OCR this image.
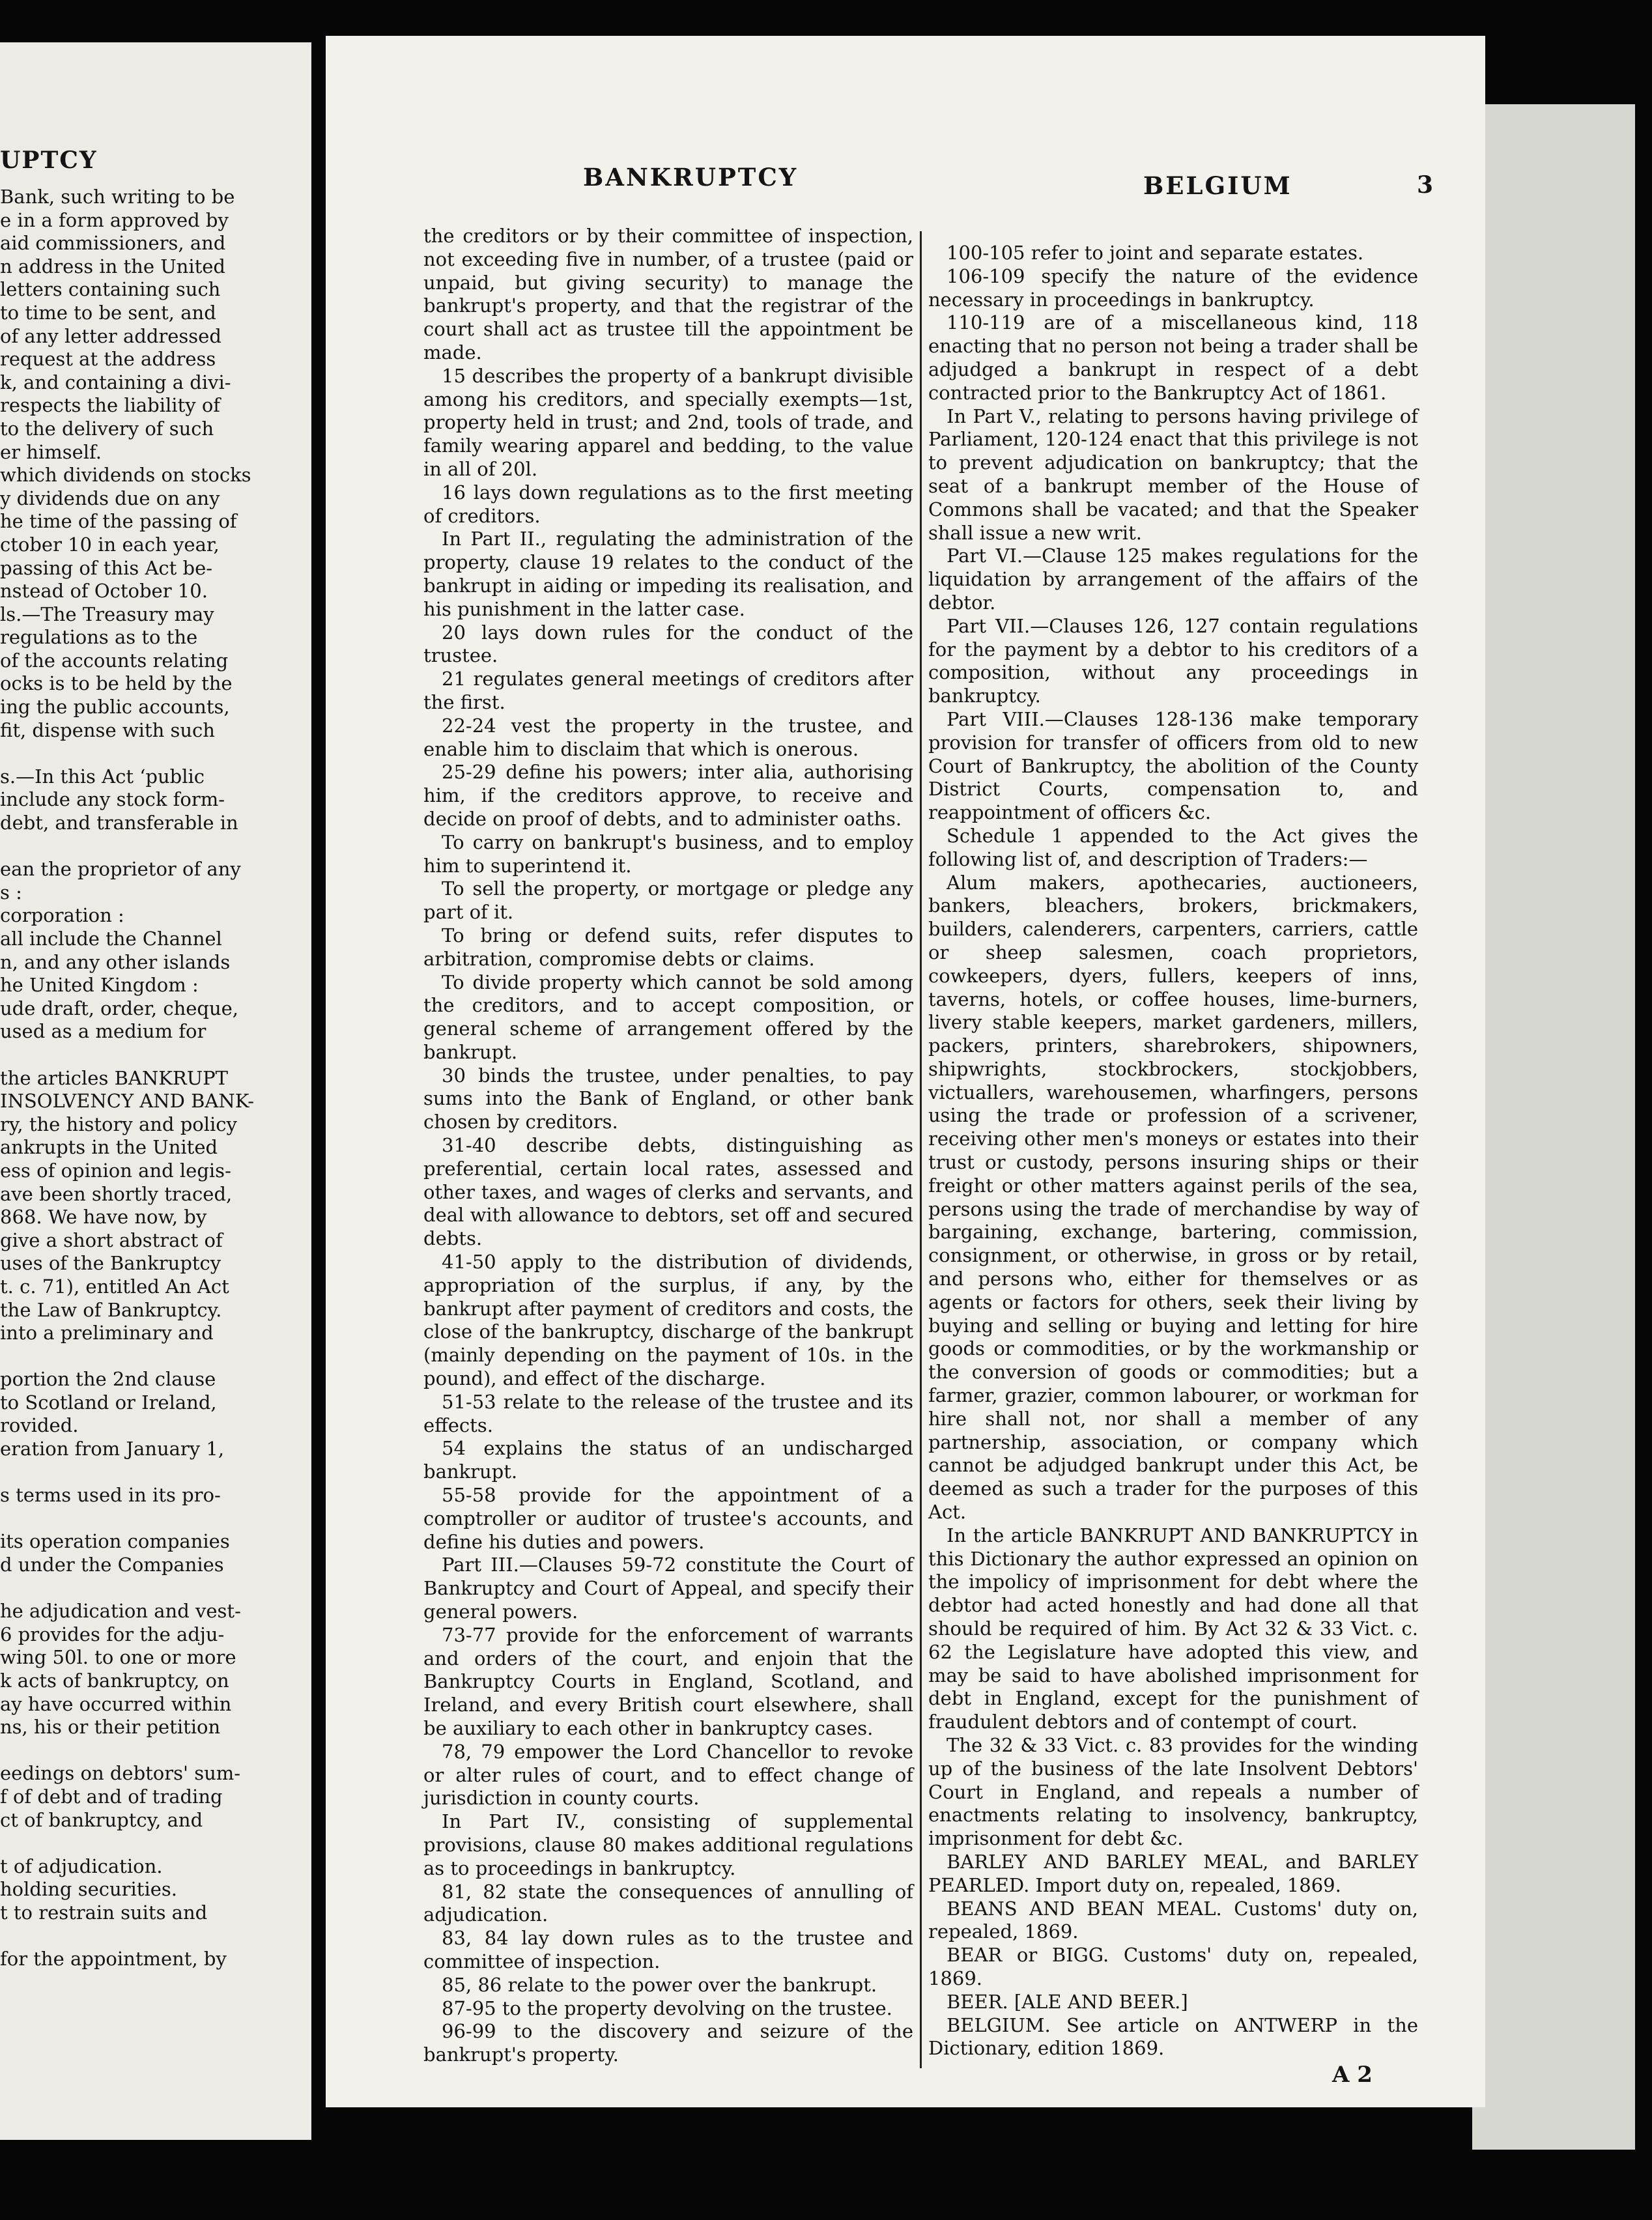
UPTCY
Bank, such writing to be
e in a form approved by
aid commissioners, and
n address in the United
letters containing such
to time to be sent, and
of any letter addressed
request at the address
k, and containing a divi-
respects the liability of
to the delivery of such
er himself.
which dividends on stocks
y dividends due on any
he time of the passing of
ctober 10 in each year,
passing of this Act be-
nstead of October 10.
ls.—The Treasury may
regulations as to the
of the accounts relating
ocks is to be held by the
ing the public accounts,
fit, dispense with such

s.—In this Act ‘public
include any stock form-
debt, and transferable in

ean the proprietor of any
s :
corporation :
all include the Channel
n, and any other islands
he United Kingdom :
ude draft, order, cheque,
used as a medium for

the articles BANKRUPT
INSOLVENCY AND BANK-
ry, the history and policy
ankrupts in the United
ess of opinion and legis-
ave been shortly traced,
868. We have now, by
give a short abstract of
uses of the Bankruptcy
t. c. 71), entitled An Act
the Law of Bankruptcy.
into a preliminary and

portion the 2nd clause
to Scotland or Ireland,
rovided.
eration from January 1,

s terms used in its pro-

its operation companies
d under the Companies

he adjudication and vest-
6 provides for the adju-
wing 50l. to one or more
k acts of bankruptcy, on
ay have occurred within
ns, his or their petition

eedings on debtors' sum-
f of debt and of trading
ct of bankruptcy, and

t of adjudication.
holding securities.
t to restrain suits and

for the appointment, by
BANKRUPTCY	BELGIUM	3

the creditors or by their committee of inspection, not exceeding five in number, of a trustee (paid or unpaid, but giving security) to manage the bankrupt's property, and that the registrar of the court shall act as trustee till the appointment be made.

15 describes the property of a bankrupt divisible among his creditors, and specially exempts—1st, property held in trust; and 2nd, tools of trade, and family wearing apparel and bedding, to the value in all of 20l.

16 lays down regulations as to the first meeting of creditors.

In Part II., regulating the administration of the property, clause 19 relates to the conduct of the bankrupt in aiding or impeding its realisation, and his punishment in the latter case.

20 lays down rules for the conduct of the trustee.

21 regulates general meetings of creditors after the first.

22-24 vest the property in the trustee, and enable him to disclaim that which is onerous.

25-29 define his powers; inter alia, authorising him, if the creditors approve, to receive and decide on proof of debts, and to administer oaths.

To carry on bankrupt's business, and to employ him to superintend it.

To sell the property, or mortgage or pledge any part of it.

To bring or defend suits, refer disputes to arbitration, compromise debts or claims.

To divide property which cannot be sold among the creditors, and to accept composition, or general scheme of arrangement offered by the bankrupt.

30 binds the trustee, under penalties, to pay sums into the Bank of England, or other bank chosen by creditors.

31-40 describe debts, distinguishing as preferential, certain local rates, assessed and other taxes, and wages of clerks and servants, and deal with allowance to debtors, set off and secured debts.

41-50 apply to the distribution of dividends, appropriation of the surplus, if any, by the bankrupt after payment of creditors and costs, the close of the bankruptcy, discharge of the bankrupt (mainly depending on the payment of 10s. in the pound), and effect of the discharge.

51-53 relate to the release of the trustee and its effects.

54 explains the status of an undischarged bankrupt.

55-58 provide for the appointment of a comptroller or auditor of trustee's accounts, and define his duties and powers.

Part III.—Clauses 59-72 constitute the Court of Bankruptcy and Court of Appeal, and specify their general powers.

73-77 provide for the enforcement of warrants and orders of the court, and enjoin that the Bankruptcy Courts in England, Scotland, and Ireland, and every British court elsewhere, shall be auxiliary to each other in bankruptcy cases.

78, 79 empower the Lord Chancellor to revoke or alter rules of court, and to effect change of jurisdiction in county courts.

In Part IV., consisting of supplemental provisions, clause 80 makes additional regulations as to proceedings in bankruptcy.

81, 82 state the consequences of annulling of adjudication.

83, 84 lay down rules as to the trustee and committee of inspection.

85, 86 relate to the power over the bankrupt.

87-95 to the property devolving on the trustee.

96-99 to the discovery and seizure of the bankrupt's property.

100-105 refer to joint and separate estates.

106-109 specify the nature of the evidence necessary in proceedings in bankruptcy.

110-119 are of a miscellaneous kind, 118 enacting that no person not being a trader shall be adjudged a bankrupt in respect of a debt contracted prior to the Bankruptcy Act of 1861.

In Part V., relating to persons having privilege of Parliament, 120-124 enact that this privilege is not to prevent adjudication on bankruptcy; that the seat of a bankrupt member of the House of Commons shall be vacated; and that the Speaker shall issue a new writ.

Part VI.—Clause 125 makes regulations for the liquidation by arrangement of the affairs of the debtor.

Part VII.—Clauses 126, 127 contain regulations for the payment by a debtor to his creditors of a composition, without any proceedings in bankruptcy.

Part VIII.—Clauses 128-136 make temporary provision for transfer of officers from old to new Court of Bankruptcy, the abolition of the County District Courts, compensation to, and reappointment of officers &c.

Schedule 1 appended to the Act gives the following list of, and description of Traders:—

Alum makers, apothecaries, auctioneers, bankers, bleachers, brokers, brickmakers, builders, calenderers, carpenters, carriers, cattle or sheep salesmen, coach proprietors, cowkeepers, dyers, fullers, keepers of inns, taverns, hotels, or coffee houses, lime-burners, livery stable keepers, market gardeners, millers, packers, printers, sharebrokers, shipowners, shipwrights, stockbrockers, stockjobbers, victuallers, warehousemen, wharfingers, persons using the trade or profession of a scrivener, receiving other men's moneys or estates into their trust or custody, persons insuring ships or their freight or other matters against perils of the sea, persons using the trade of merchandise by way of bargaining, exchange, bartering, commission, consignment, or otherwise, in gross or by retail, and persons who, either for themselves or as agents or factors for others, seek their living by buying and selling or buying and letting for hire goods or commodities, or by the workmanship or the conversion of goods or commodities; but a farmer, grazier, common labourer, or workman for hire shall not, nor shall a member of any partnership, association, or company which cannot be adjudged bankrupt under this Act, be deemed as such a trader for the purposes of this Act.

In the article BANKRUPT AND BANKRUPTCY in this Dictionary the author expressed an opinion on the impolicy of imprisonment for debt where the debtor had acted honestly and had done all that should be required of him. By Act 32 & 33 Vict. c. 62 the Legislature have adopted this view, and may be said to have abolished imprisonment for debt in England, except for the punishment of fraudulent debtors and of contempt of court.

The 32 & 33 Vict. c. 83 provides for the winding up of the business of the late Insolvent Debtors' Court in England, and repeals a number of enactments relating to insolvency, bankruptcy, imprisonment for debt &c.

BARLEY AND BARLEY MEAL, and BARLEY PEARLED. Import duty on, repealed, 1869.

BEANS AND BEAN MEAL. Customs' duty on, repealed, 1869.

BEAR or BIGG. Customs' duty on, repealed, 1869.

BEER. [ALE AND BEER.]

BELGIUM. See article on ANTWERP in the Dictionary, edition 1869.

A 2
